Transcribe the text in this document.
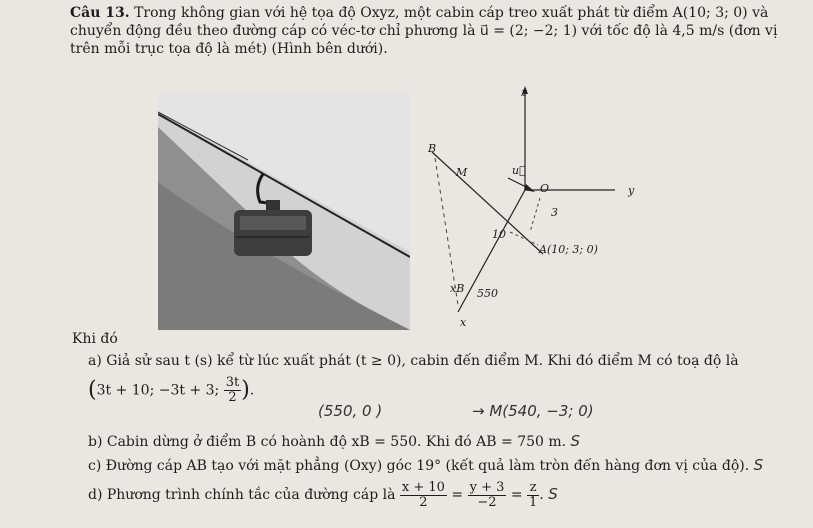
Câu 13. Trong không gian với hệ tọa độ Oxyz, một cabin cáp treo xuất phát từ điểm A(10; 3; 0) và
chuyển động đều theo đường cáp có véc-tơ chỉ phương là u⃗ = (2; −2; 1) với tốc độ là 4,5 m/s (đơn vị
trên mỗi trục tọa độ là mét) (Hình bên dưới).
z
B
M	u⃗
O	y
3
10
A(10; 3; 0)
xB 550
x
Khi đó
a) Giả sử sau t (s) kể từ lúc xuất phát (t ≥ 0), cabin đến điểm M. Khi đó điểm M có toạ độ là
(3t + 10; −3t + 3; $\frac{3t}{2}$ ).
(550, 0 )	→ M(540, −3; 0)
b) Cabin dừng ở điểm B có hoành độ xB = 550. Khi đó AB = 750 m. S
c) Đường cáp AB tạo với mặt phẳng (Oxy) góc 19° (kết quả làm tròn đến hàng đơn vị của độ). S
d) Phương trình chính tắc của đường cáp là $\frac{x + 10}{2} = \frac{y + 3}{-2} = \frac{z}{1}$ . S
